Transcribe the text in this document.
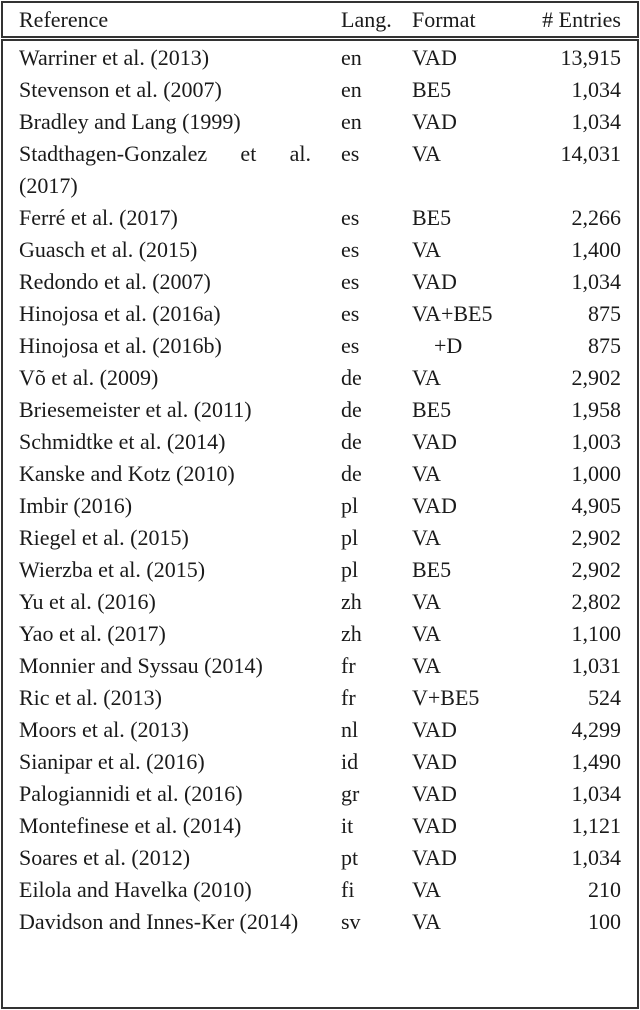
Reference	Lang. Format	# Entries
Warriner et al. (2013)	en VAD	13,915
Stevenson et al. (2007)	en BE5	1,034
Bradley and Lang (1999)	en VAD	1,034
Stadthagen-Gonzalez et al. (2017)
es VA	14,031
Ferré et al. (2017)	es BE5	2,266
Guasch et al. (2015)	es VA	1,400
Redondo et al. (2007)	es VAD	1,034
Hinojosa et al. (2016a)	es VA+BE5	875
Hinojosa et al. (2016b)	es +D	875
Võ et al. (2009)	de VA	2,902
Briesemeister et al. (2011)	de BE5	1,958
Schmidtke et al. (2014)	de VAD	1,003
Kanske and Kotz (2010)	de VA	1,000
Imbir (2016)	pl VAD	4,905
Riegel et al. (2015)	pl VA	2,902
Wierzba et al. (2015)	pl BE5	2,902
Yu et al. (2016)	zh VA	2,802
Yao et al. (2017)	zh VA	1,100
Monnier and Syssau (2014)	fr	VA	1,031
Ric et al. (2013)	fr	V+BE5	524
Moors et al. (2013)	nl VAD	4,299
Sianipar et al. (2016)	id VAD	1,490
Palogiannidi et al. (2016)	gr VAD	1,034
Montefinese et al. (2014)	it	VAD	1,121
Soares et al. (2012)	pt VAD	1,034
Eilola and Havelka (2010)	fi	VA	210
Davidson and Innes-Ker (2014)	sv VA	100
